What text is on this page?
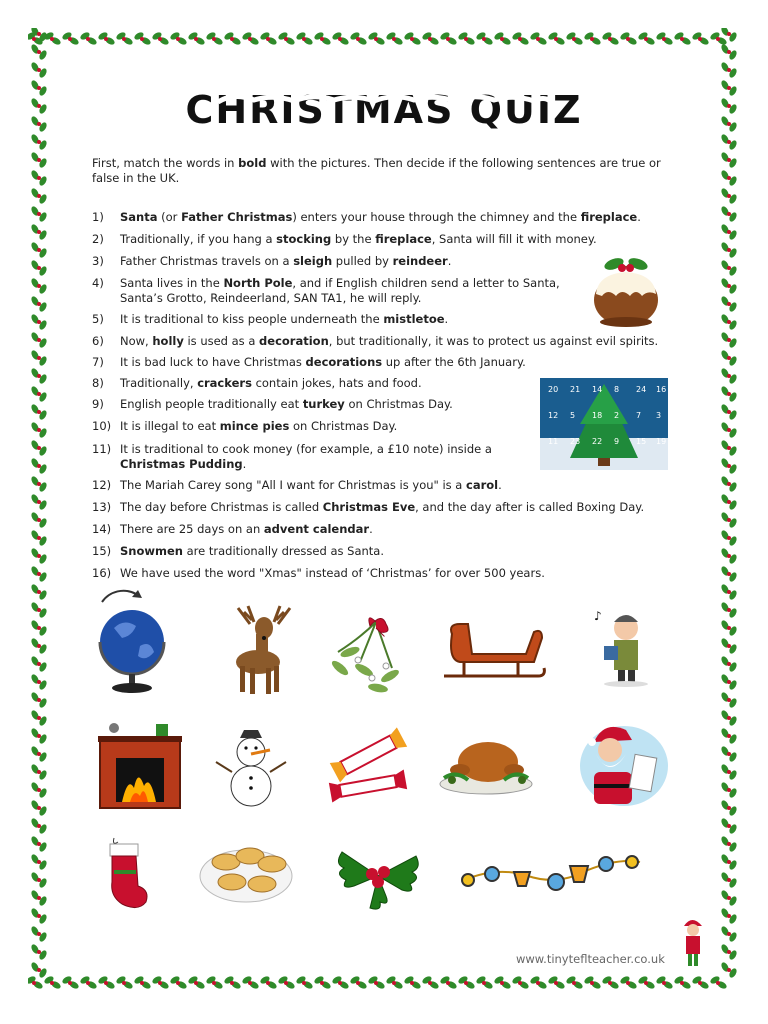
CHRISTMAS QUIZ
First, match the words in bold with the pictures. Then decide if the following sentences are true or false in the UK.
1) Santa (or Father Christmas) enters your house through the chimney and the fireplace.
2) Traditionally, if you hang a stocking by the fireplace, Santa will fill it with money.
3) Father Christmas travels on a sleigh pulled by reindeer.
4) Santa lives in the North Pole, and if English children send a letter to Santa,
Santa’s Grotto, Reindeerland, SAN TA1, he will reply.
5) It is traditional to kiss people underneath the mistletoe.
6) Now, holly is used as a decoration, but traditionally, it was to protect us against evil spirits.
7) It is bad luck to have Christmas decorations up after the 6th January.
8) Traditionally, crackers contain jokes, hats and food.
9) English people traditionally eat turkey on Christmas Day.
10) It is illegal to eat mince pies on Christmas Day.
11) It is traditional to cook money (for example, a £10 note) inside a
Christmas Pudding.
12) The Mariah Carey song "All I want for Christmas is you" is a carol.
13) The day before Christmas is called Christmas Eve, and the day after is called Boxing Day.
14) There are 25 days on an advent calendar.
15) Snowmen are traditionally dressed as Santa.
16) We have used the word "Xmas" instead of ‘Christmas’ for over 500 years.
20 21 14 8 24 16
12 5 18 2 7 3
11 23 22 9 15 19
♪
www.tinyteflteacher.co.uk
